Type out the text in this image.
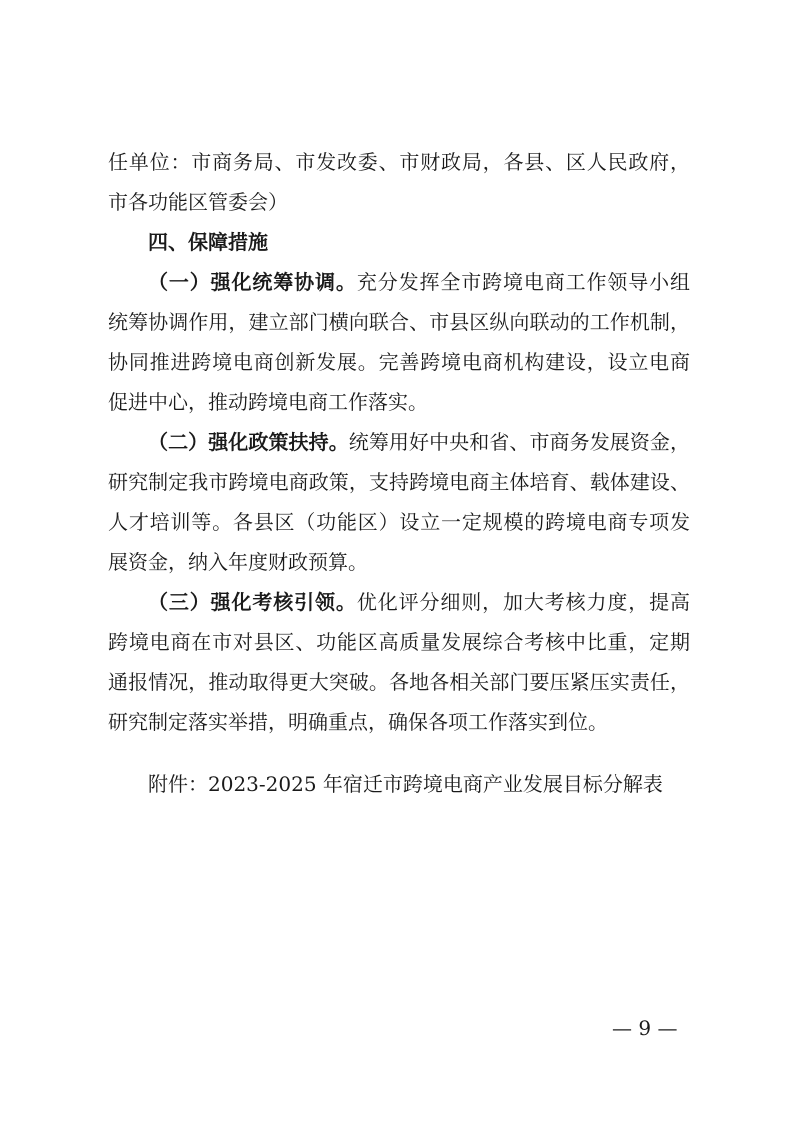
任单位：市商务局、市发改委、市财政局，各县、区人民政府，
市各功能区管委会）
四、保障措施
（一）强化统筹协调。充分发挥全市跨境电商工作领导小组
统筹协调作用，建立部门横向联合、市县区纵向联动的工作机制，
协同推进跨境电商创新发展。完善跨境电商机构建设，设立电商
促进中心，推动跨境电商工作落实。
（二）强化政策扶持。统筹用好中央和省、市商务发展资金，
研究制定我市跨境电商政策，支持跨境电商主体培育、载体建设、
人才培训等。各县区（功能区）设立一定规模的跨境电商专项发
展资金，纳入年度财政预算。
（三）强化考核引领。优化评分细则，加大考核力度，提高
跨境电商在市对县区、功能区高质量发展综合考核中比重，定期
通报情况，推动取得更大突破。各地各相关部门要压紧压实责任，
研究制定落实举措，明确重点，确保各项工作落实到位。
附件：2023-2025 年宿迁市跨境电商产业发展目标分解表
— 9 —
